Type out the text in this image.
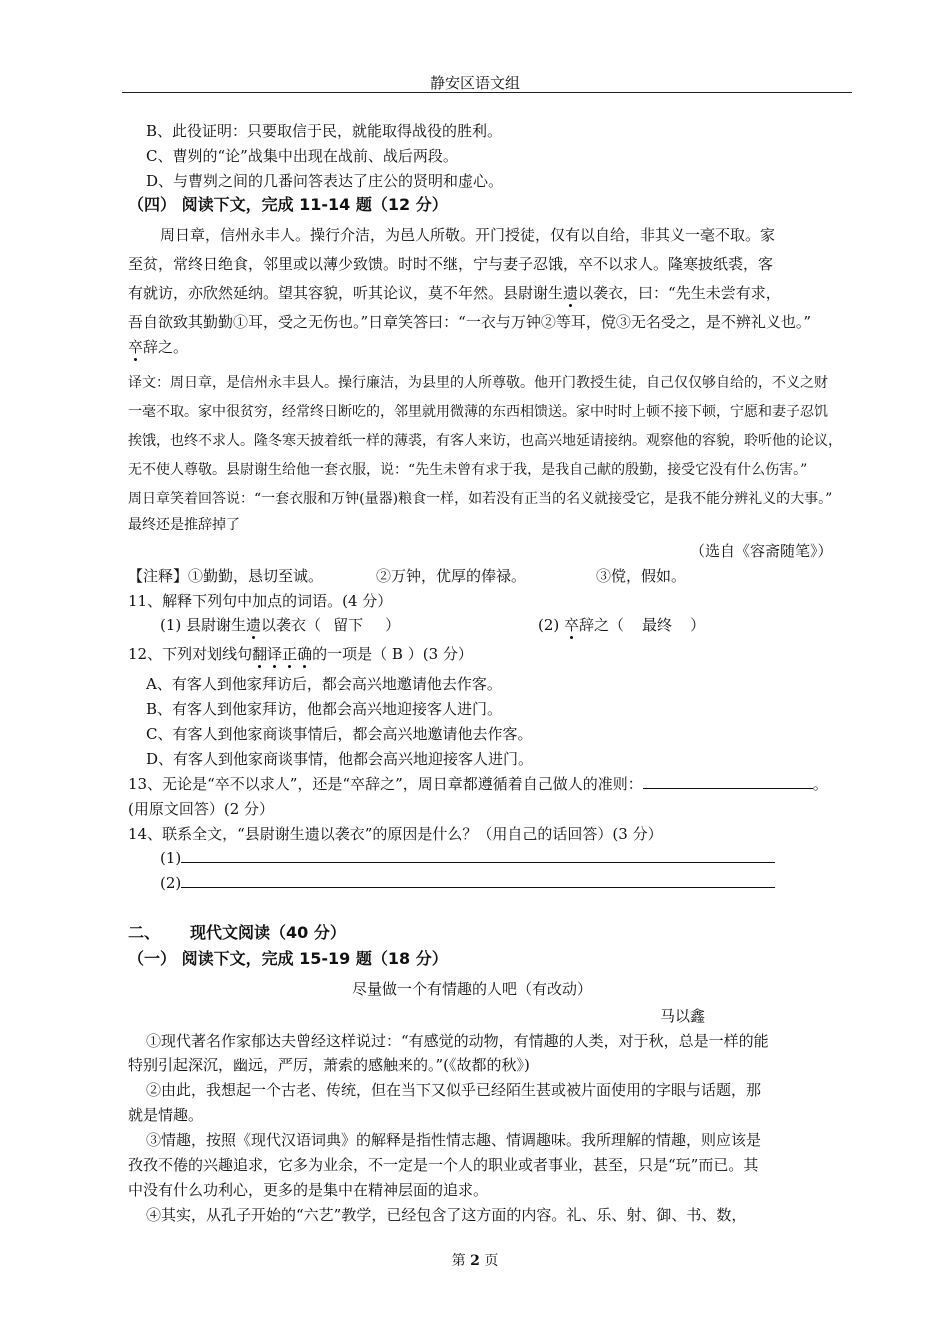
静安区语文组
B、此役证明：只要取信于民，就能取得战役的胜利。
C、曹刿的“论”战集中出现在战前、战后两段。
D、与曹刿之间的几番问答表达了庄公的贤明和虚心。
（四） 阅读下文，完成 11-14 题（12 分）
周日章，信州永丰人。操行介洁，为邑人所敬。开门授徒，仅有以自给，非其义一毫不取。家
至贫，常终日绝食，邻里或以薄少致馈。时时不继，宁与妻子忍饿，卒不以求人。隆寒披纸裘，客
有就访，亦欣然延纳。望其容貌，听其论议，莫不年然。县尉谢生遗以袭衣，曰：“先生未尝有求，
吾自欲致其勤勤①耳，受之无伤也。”日章笑答曰：“一衣与万钟②等耳，傥③无名受之，是不辨礼义也。”
卒辞之。
译文：周日章，是信州永丰县人。操行廉洁，为县里的人所尊敬。他开门教授生徒，自己仅仅够自给的，不义之财
一毫不取。家中很贫穷，经常终日断吃的，邻里就用微薄的东西相馈送。家中时时上顿不接下顿，宁愿和妻子忍饥
挨饿，也终不求人。隆冬寒天披着纸一样的薄裘，有客人来访，也高兴地延请接纳。观察他的容貌，聆听他的论议，
无不使人尊敬。县尉谢生给他一套衣服，说：“先生未曾有求于我，是我自己献的殷勤，接受它没有什么伤害。”
周日章笑着回答说：“一套衣服和万钟(量器)粮食一样，如若没有正当的名义就接受它，是我不能分辨礼义的大事。”
最终还是推辞掉了
（选自《容斋随笔》）
【注释】①勤勤，恳切至诚。	②万钟，优厚的俸禄。	③傥，假如。
11、解释下列句中加点的词语。(4 分）
(1) 县尉谢生遗以袭衣（ 留下 ）	(2) 卒辞之（ 最终 ）
12、下列对划线句翻译正确的一项是（ B ）(3 分）
A、有客人到他家拜访后，都会高兴地邀请他去作客。
B、有客人到他家拜访，他都会高兴地迎接客人进门。
C、有客人到他家商谈事情后，都会高兴地邀请他去作客。
D、有客人到他家商谈事情，他都会高兴地迎接客人进门。
13、无论是“卒不以求人”，还是“卒辞之”，周日章都遵循着自己做人的准则：	。
(用原文回答）(2 分）
14、联系全文，“县尉谢生遗以袭衣”的原因是什么？（用自己的话回答）(3 分）
(1)
(2)
二、 现代文阅读（40 分）
（一） 阅读下文，完成 15-19 题（18 分）
尽量做一个有情趣的人吧（有改动）
马以鑫
①现代著名作家郁达夫曾经这样说过：“有感觉的动物，有情趣的人类，对于秋，总是一样的能
特别引起深沉，幽远，严厉，萧索的感触来的。”(《故都的秋》)
②由此，我想起一个古老、传统，但在当下又似乎已经陌生甚或被片面使用的字眼与话题，那
就是情趣。
③情趣，按照《现代汉语词典》的解释是指性情志趣、情调趣味。我所理解的情趣，则应该是
孜孜不倦的兴趣追求，它多为业余，不一定是一个人的职业或者事业，甚至，只是“玩”而已。其
中没有什么功利心，更多的是集中在精神层面的追求。
④其实，从孔子开始的“六艺”教学，已经包含了这方面的内容。礼、乐、射、御、书、数，
第 2 页
